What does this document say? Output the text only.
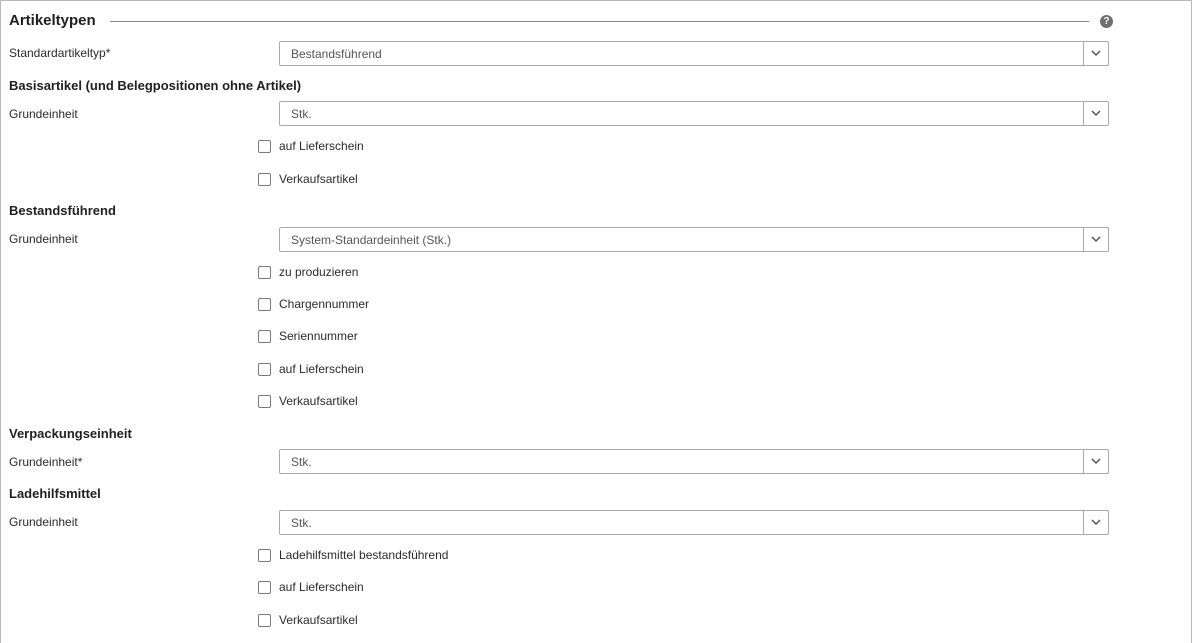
Artikeltypen	?
Standardartikeltyp*	Bestandsführend
Basisartikel (und Belegpositionen ohne Artikel)
Grundeinheit	Stk.
auf Lieferschein
Verkaufsartikel
Bestandsführend
Grundeinheit	System-Standardeinheit (Stk.)
zu produzieren
Chargennummer
Seriennummer
auf Lieferschein
Verkaufsartikel
Verpackungseinheit
Grundeinheit*	Stk.
Ladehilfsmittel
Grundeinheit	Stk.
Ladehilfsmittel bestandsführend
auf Lieferschein
Verkaufsartikel
